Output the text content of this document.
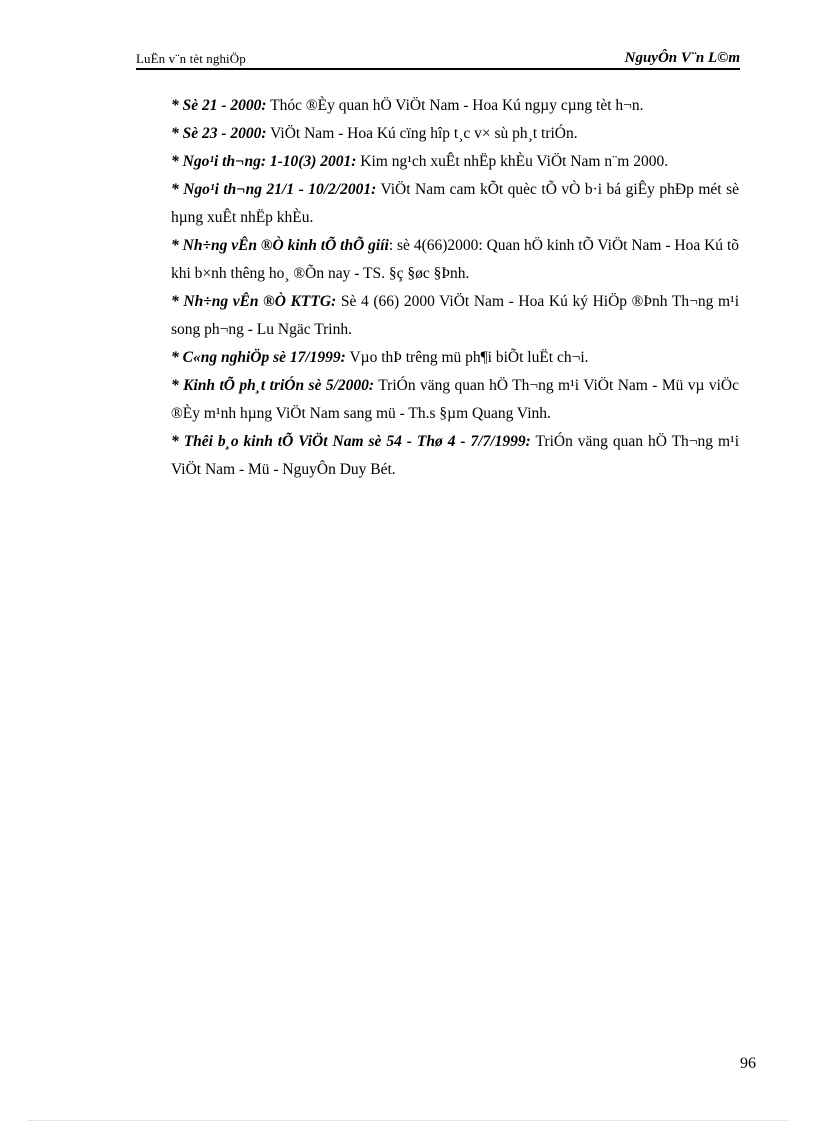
LuËn v¨n tèt nghiÖp	NguyÔn V¨n L©m

* Sè 21 - 2000: Thóc ®Èy quan hÖ ViÖt Nam - Hoa Kú ngµy cµng tèt h¬n.

* Sè 23 - 2000: ViÖt Nam - Hoa Kú cïng hîp t¸c v× sù ph¸t triÓn.

* Ngo¹i th¬ng: 1-10(3) 2001: Kim ng¹ch xuÊt nhËp khÈu ViÖt Nam n¨m 2000.

* Ngo¹i th¬ng 21/1 - 10/2/2001: ViÖt Nam cam kÕt quèc tÕ vÒ b·i bá giÊy phÐp mét sè hµng xuÊt nhËp khÈu.

* Nh÷ng vÊn ®Ò kinh tÕ thÕ giíi: sè 4(66)2000: Quan hÖ kinh tÕ ViÖt Nam - Hoa Kú tõ khi b×nh thêng ho¸ ®Õn nay - TS. §ç §øc §Þnh.

* Nh÷ng vÊn ®Ò KTTG: Sè 4 (66) 2000 ViÖt Nam - Hoa Kú ký HiÖp ®Þnh Th¬ng m¹i song ph¬ng - Lu Ngäc Trinh.

* C«ng nghiÖp sè 17/1999: Vµo thÞ trêng mü ph¶i biÕt luËt ch¬i.

* Kinh tÕ ph¸t triÓn sè 5/2000: TriÓn väng quan hÖ Th¬ng m¹i ViÖt Nam - Mü vµ viÖc ®Èy m¹nh hµng ViÖt Nam sang mü - Th.s §µm Quang Vinh.

* Thêi b¸o kinh tÕ ViÖt Nam sè 54 - Thø 4 - 7/7/1999: TriÓn väng quan hÖ Th¬ng m¹i ViÖt Nam - Mü - NguyÔn Duy Bét.

96
